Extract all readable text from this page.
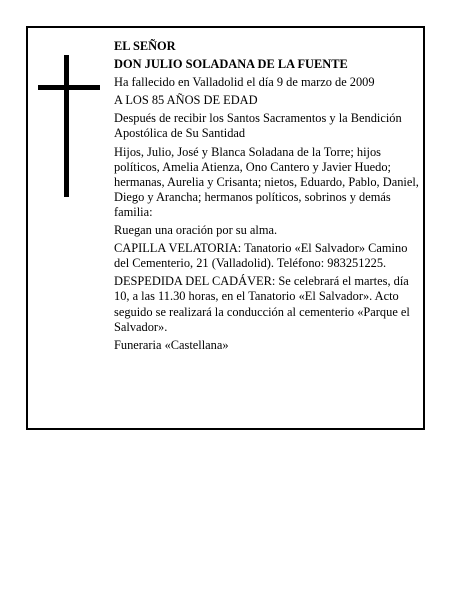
EL SEÑOR

DON JULIO SOLADANA DE LA FUENTE

Ha fallecido en Valladolid el día 9 de marzo de 2009

A LOS 85 AÑOS DE EDAD

Después de recibir los Santos Sacramentos y la Bendición Apostólica de Su Santidad

Hijos, Julio, José y Blanca Soladana de la Torre; hijos políticos, Amelia Atienza, Ono Cantero y Javier Huedo; hermanas, Aurelia y Crisanta; nietos, Eduardo, Pablo, Daniel, Diego y Arancha; hermanos políticos, sobrinos y demás familia:

Ruegan una oración por su alma.

CAPILLA VELATORIA: Tanatorio «El Salvador» Camino del Cementerio, 21 (Valladolid). Teléfono: 983251225.

DESPEDIDA DEL CADÁVER: Se celebrará el martes, día 10, a las 11.30 horas, en el Tanatorio «El Salvador». Acto seguido se realizará la conducción al cementerio «Parque el Salvador».

Funeraria «Castellana»
